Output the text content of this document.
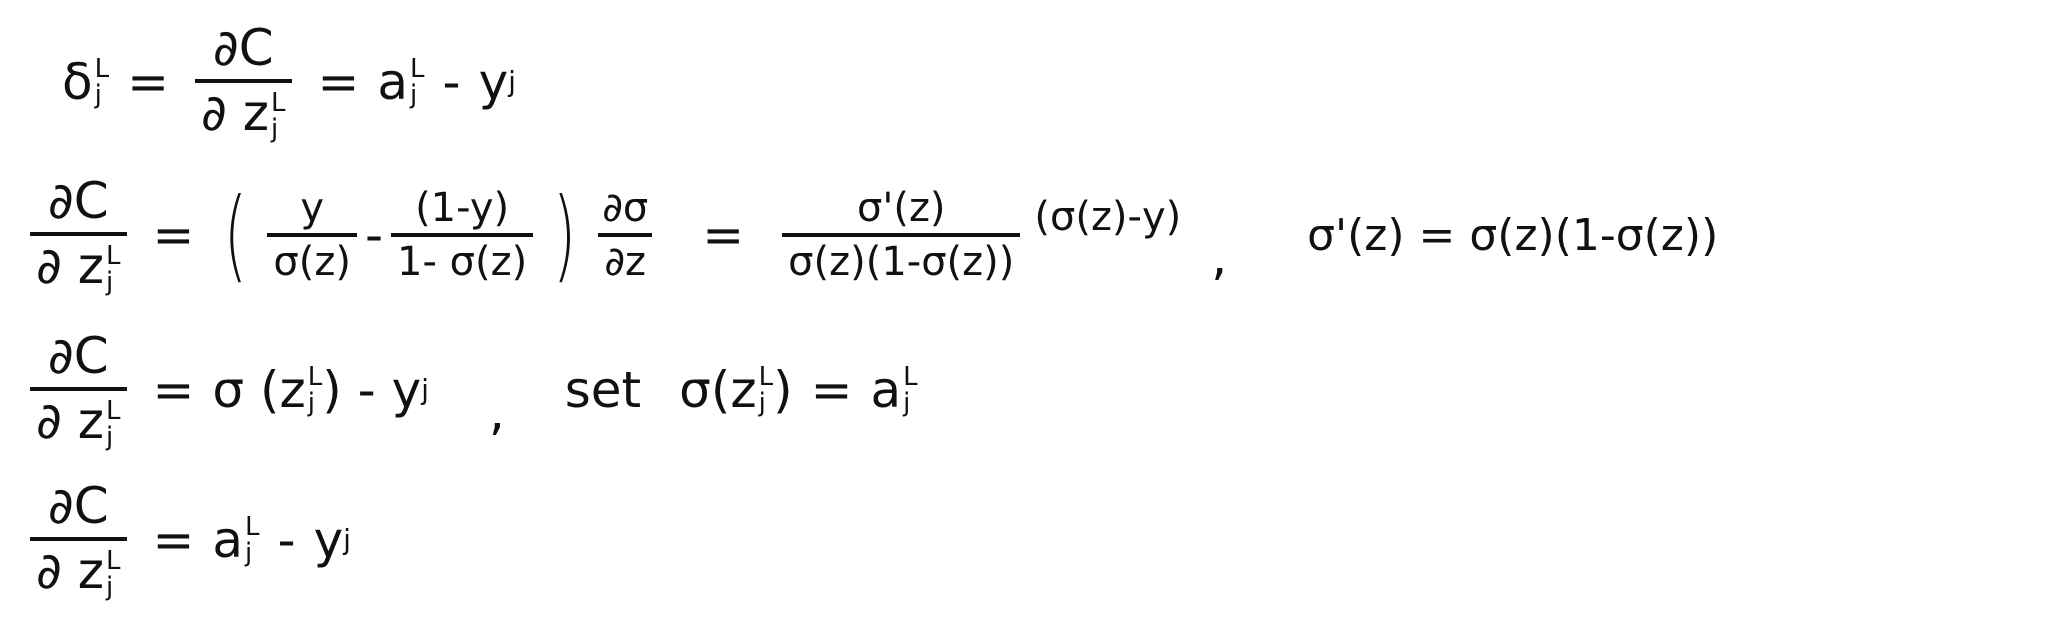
δ L
j = ∂C
∂ z L
j = a L
j - y j
∂C
∂ z L
j = ( $\frac{y}{\sigma(z)} - \frac{(1-y)}{1- \sigma(z)}$ ) $\frac{\partial\sigma}{\partial z} = \frac{\sigma'(z)}{\sigma(z)(1-\sigma(z))} (\sigma(z)-y)$
, σ'(z) = σ(z)(1-σ(z))
∂C
∂ z L
j = σ (z L
j ) - y j , set σ(z L
j ) = a L
j
∂C
∂ z L
j = a L
j - y j
